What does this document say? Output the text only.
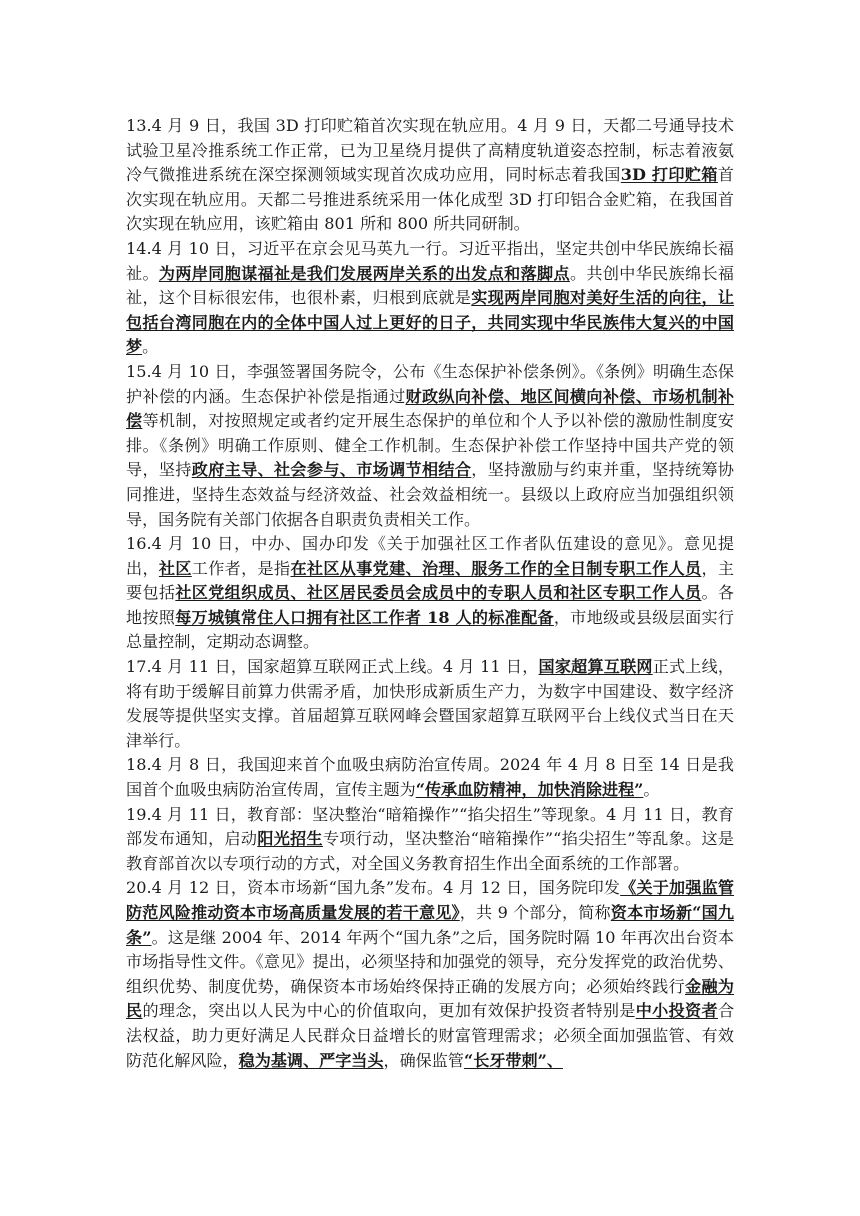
13.4 月 9 日，我国 3D 打印贮箱首次实现在轨应用。4 月 9 日，天都二号通导技术试验卫星冷推系统工作正常，已为卫星绕月提供了高精度轨道姿态控制，标志着液氨冷气微推进系统在深空探测领域实现首次成功应用，同时标志着我国3D 打印贮箱首次实现在轨应用。天都二号推进系统采用一体化成型 3D 打印铝合金贮箱，在我国首次实现在轨应用，该贮箱由 801 所和 800 所共同研制。

14.4 月 10 日，习近平在京会见马英九一行。习近平指出，坚定共创中华民族绵长福祉。为两岸同胞谋福祉是我们发展两岸关系的出发点和落脚点。共创中华民族绵长福祉，这个目标很宏伟，也很朴素，归根到底就是实现两岸同胞对美好生活的向往，让包括台湾同胞在内的全体中国人过上更好的日子，共同实现中华民族伟大复兴的中国梦。

15.4 月 10 日，李强签署国务院令，公布《生态保护补偿条例》。《条例》明确生态保护补偿的内涵。生态保护补偿是指通过财政纵向补偿、地区间横向补偿、市场机制补偿等机制，对按照规定或者约定开展生态保护的单位和个人予以补偿的激励性制度安排。《条例》明确工作原则、健全工作机制。生态保护补偿工作坚持中国共产党的领导，坚持政府主导、社会参与、市场调节相结合，坚持激励与约束并重，坚持统筹协同推进，坚持生态效益与经济效益、社会效益相统一。县级以上政府应当加强组织领导，国务院有关部门依据各自职责负责相关工作。

16.4 月 10 日，中办、国办印发《关于加强社区工作者队伍建设的意见》。意见提出，社区工作者，是指在社区从事党建、治理、服务工作的全日制专职工作人员，主要包括社区党组织成员、社区居民委员会成员中的专职人员和社区专职工作人员。各地按照每万城镇常住人口拥有社区工作者 18 人的标准配备，市地级或县级层面实行总量控制，定期动态调整。

17.4 月 11 日，国家超算互联网正式上线。4 月 11 日，国家超算互联网正式上线，将有助于缓解目前算力供需矛盾，加快形成新质生产力，为数字中国建设、数字经济发展等提供坚实支撑。首届超算互联网峰会暨国家超算互联网平台上线仪式当日在天津举行。

18.4 月 8 日，我国迎来首个血吸虫病防治宣传周。2024 年 4 月 8 日至 14 日是我国首个血吸虫病防治宣传周，宣传主题为“传承血防精神，加快消除进程”。

19.4 月 11 日，教育部：坚决整治“暗箱操作”“掐尖招生”等现象。4 月 11 日，教育部发布通知，启动阳光招生专项行动，坚决整治“暗箱操作”“掐尖招生”等乱象。这是教育部首次以专项行动的方式，对全国义务教育招生作出全面系统的工作部署。

20.4 月 12 日，资本市场新“国九条”发布。4 月 12 日，国务院印发《关于加强监管防范风险推动资本市场高质量发展的若干意见》，共 9 个部分，简称资本市场新“国九条”。这是继 2004 年、2014 年两个“国九条”之后，国务院时隔 10 年再次出台资本市场指导性文件。《意见》提出，必须坚持和加强党的领导，充分发挥党的政治优势、组织优势、制度优势，确保资本市场始终保持正确的发展方向；必须始终践行金融为民的理念，突出以人民为中心的价值取向，更加有效保护投资者特别是中小投资者合法权益，助力更好满足人民群众日益增长的财富管理需求；必须全面加强监管、有效防范化解风险，稳为基调、严字当头，确保监管“长牙带刺”、
